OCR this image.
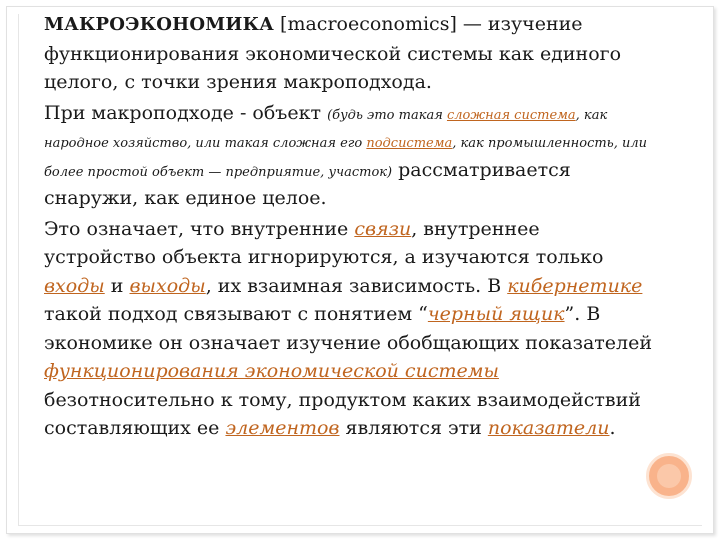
МАКРОЭКОНОМИКА [macroeconomics] — изучение функционирования экономической системы как единого целого, с точки зрения макроподхода.

При макроподходе - объект (будь это такая сложная система, как народное хозяйство, или такая сложная его подсистема, как промышленность, или более простой объект — предприятие, участок) рассматривается снаружи, как единое целое.

Это означает, что внутренние связи, внутреннее устройство объекта игнорируются, а изучаются только входы и выходы, их взаимная зависимость. В кибернетике такой подход связывают с понятием “черный ящик”. В экономике он означает изучение обобщающих показателей функционирования экономической системы безотносительно к тому, продуктом каких взаимодействий составляющих ее элементов являются эти показатели.
